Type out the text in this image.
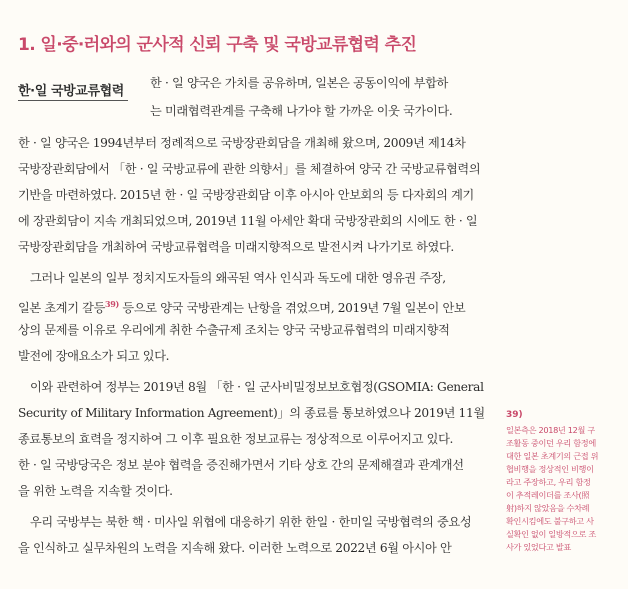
1. 일·중·러와의 군사적 신뢰 구축 및 국방교류협력 추진
한·일 국방교류협력
한 · 일 양국은 가치를 공유하며, 일본은 공동이익에 부합하
는 미래협력관계를 구축해 나가야 할 가까운 이웃 국가이다.
한 · 일 양국은 1994년부터 정례적으로 국방장관회담을 개최해 왔으며, 2009년 제14차
국방장관회담에서 「한 · 일 국방교류에 관한 의향서」를 체결하여 양국 간 국방교류협력의
기반을 마련하였다. 2015년 한 · 일 국방장관회담 이후 아시아 안보회의 등 다자회의 계기
에 장관회담이 지속 개최되었으며, 2019년 11월 아세안 확대 국방장관회의 시에도 한 · 일
국방장관회담을 개최하여 국방교류협력을 미래지향적으로 발전시켜 나가기로 하였다.
그러나 일본의 일부 정치지도자들의 왜곡된 역사 인식과 독도에 대한 영유권 주장,
일본 초계기 갈등$^{39)}$ 등으로 양국 국방관계는 난항을 겪었으며, 2019년 7월 일본이 안보
상의 문제를 이유로 우리에게 취한 수출규제 조치는 양국 국방교류협력의 미래지향적
발전에 장애요소가 되고 있다.
이와 관련하여 정부는 2019년 8월 「한 · 일 군사비밀정보보호협정(GSOMIA: General
Security of Military Information Agreement)」의 종료를 통보하였으나 2019년 11월
종료통보의 효력을 정지하여 그 이후 필요한 정보교류는 정상적으로 이루어지고 있다.
한 · 일 국방당국은 정보 분야 협력을 증진해가면서 기타 상호 간의 문제해결과 관계개선
을 위한 노력을 지속할 것이다.
우리 국방부는 북한 핵 · 미사일 위협에 대응하기 위한 한일 · 한미일 국방협력의 중요성
을 인식하고 실무차원의 노력을 지속해 왔다. 이러한 노력으로 2022년 6월 아시아 안
39)
일본측은 2018년 12월 구
조활동 중이던 우리 함정에
대한 일본 초계기의 근접 위
협비행을 정상적인 비행이
라고 주장하고, 우리 함정
이 추적레이더를 조사(照
射)하지 않았음을 수차례
확인시킴에도 불구하고 사
실확인 없이 일방적으로 조
사가 있었다고 발표
